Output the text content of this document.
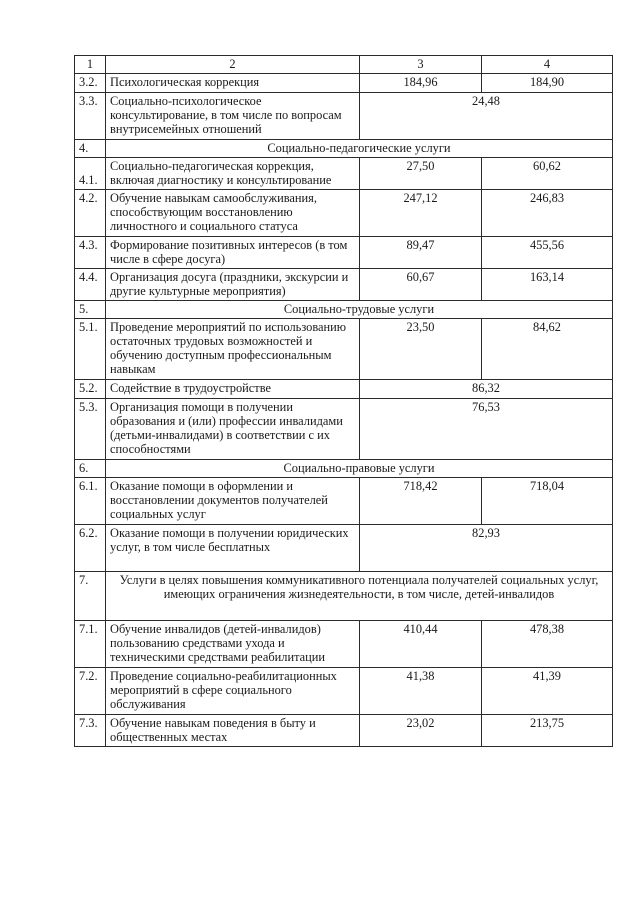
1	2	3	4
3.2.	Психологическая коррекция	184,96	184,90
3.3.	Социально-психологическое консультирование, в том числе по вопросам внутрисемейных отношений	24,48	
4.	Социально-педагогические услуги		
4.1.	Социально-педагогическая коррекция, включая диагностику и консультирование	27,50	60,62
4.2.	Обучение навыкам самообслуживания, способствующим восстановлению личностного и социального статуса	247,12	246,83
4.3.	Формирование позитивных интересов (в том числе в сфере досуга)	89,47	455,56
4.4.	Организация досуга (праздники, экскурсии и другие культурные мероприятия)	60,67	163,14
5.	Социально-трудовые услуги		
5.1.	Проведение мероприятий по использованию остаточных трудовых возможностей и обучению доступным профессиональным навыкам	23,50	84,62
5.2.	Содействие в трудоустройстве	86,32	
5.3.	Организация помощи в получении образования и (или) профессии инвалидами (детьми-инвалидами) в соответствии с их способностями	76,53	
6.	Социально-правовые услуги		
6.1.	Оказание помощи в оформлении и восстановлении документов получателей социальных услуг	718,42	718,04
6.2.	Оказание помощи в получении юридических услуг, в том числе бесплатных	82,93	
7.	Услуги в целях повышения коммуникативного потенциала получателей социальных услуг, имеющих ограничения жизнедеятельности, в том числе, детей-инвалидов		
7.1.	Обучение инвалидов (детей-инвалидов) пользованию средствами ухода и техническими средствами реабилитации	410,44	478,38
7.2.	Проведение социально-реабилитационных мероприятий в сфере социального обслуживания	41,38	41,39
7.3.	Обучение навыкам поведения в быту и общественных местах	23,02	213,75
